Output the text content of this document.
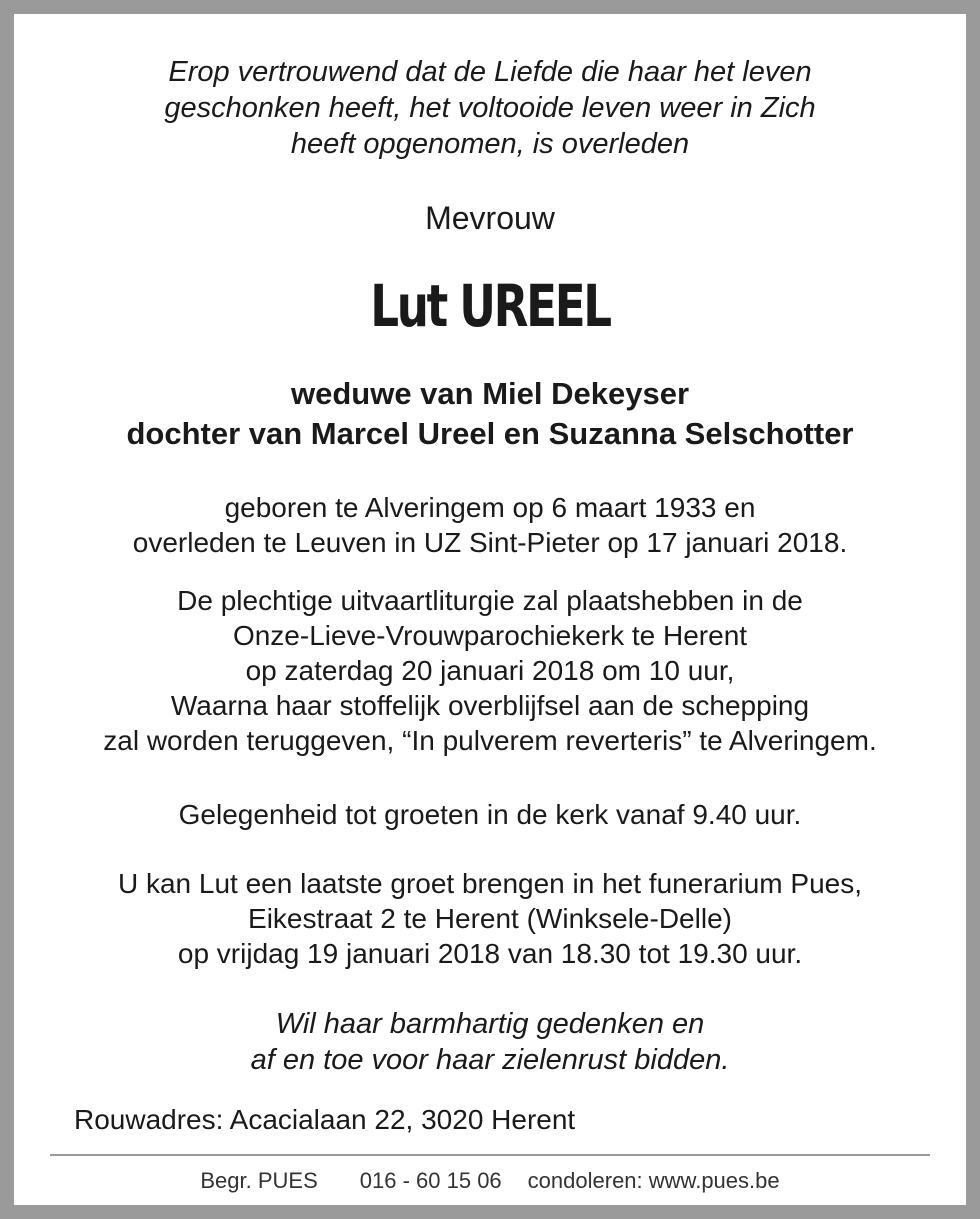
Erop vertrouwend dat de Liefde die haar het leven
geschonken heeft, het voltooide leven weer in Zich
heeft opgenomen, is overleden
Mevrouw
Lut UREEL
weduwe van Miel Dekeyser
dochter van Marcel Ureel en Suzanna Selschotter
geboren te Alveringem op 6 maart 1933 en
overleden te Leuven in UZ Sint-Pieter op 17 januari 2018.
De plechtige uitvaartliturgie zal plaatshebben in de
Onze-Lieve-Vrouwparochiekerk te Herent
op zaterdag 20 januari 2018 om 10 uur,
Waarna haar stoffelijk overblijfsel aan de schepping
zal worden teruggeven, “In pulverem reverteris” te Alveringem.
Gelegenheid tot groeten in de kerk vanaf 9.40 uur.
U kan Lut een laatste groet brengen in het funerarium Pues,
Eikestraat 2 te Herent (Winksele-Delle)
op vrijdag 19 januari 2018 van 18.30 tot 19.30 uur.
Wil haar barmhartig gedenken en
af en toe voor haar zielenrust bidden.
Rouwadres: Acacialaan 22, 3020 Herent
Begr. PUES 016 - 60 15 06 condoleren: www.pues.be
